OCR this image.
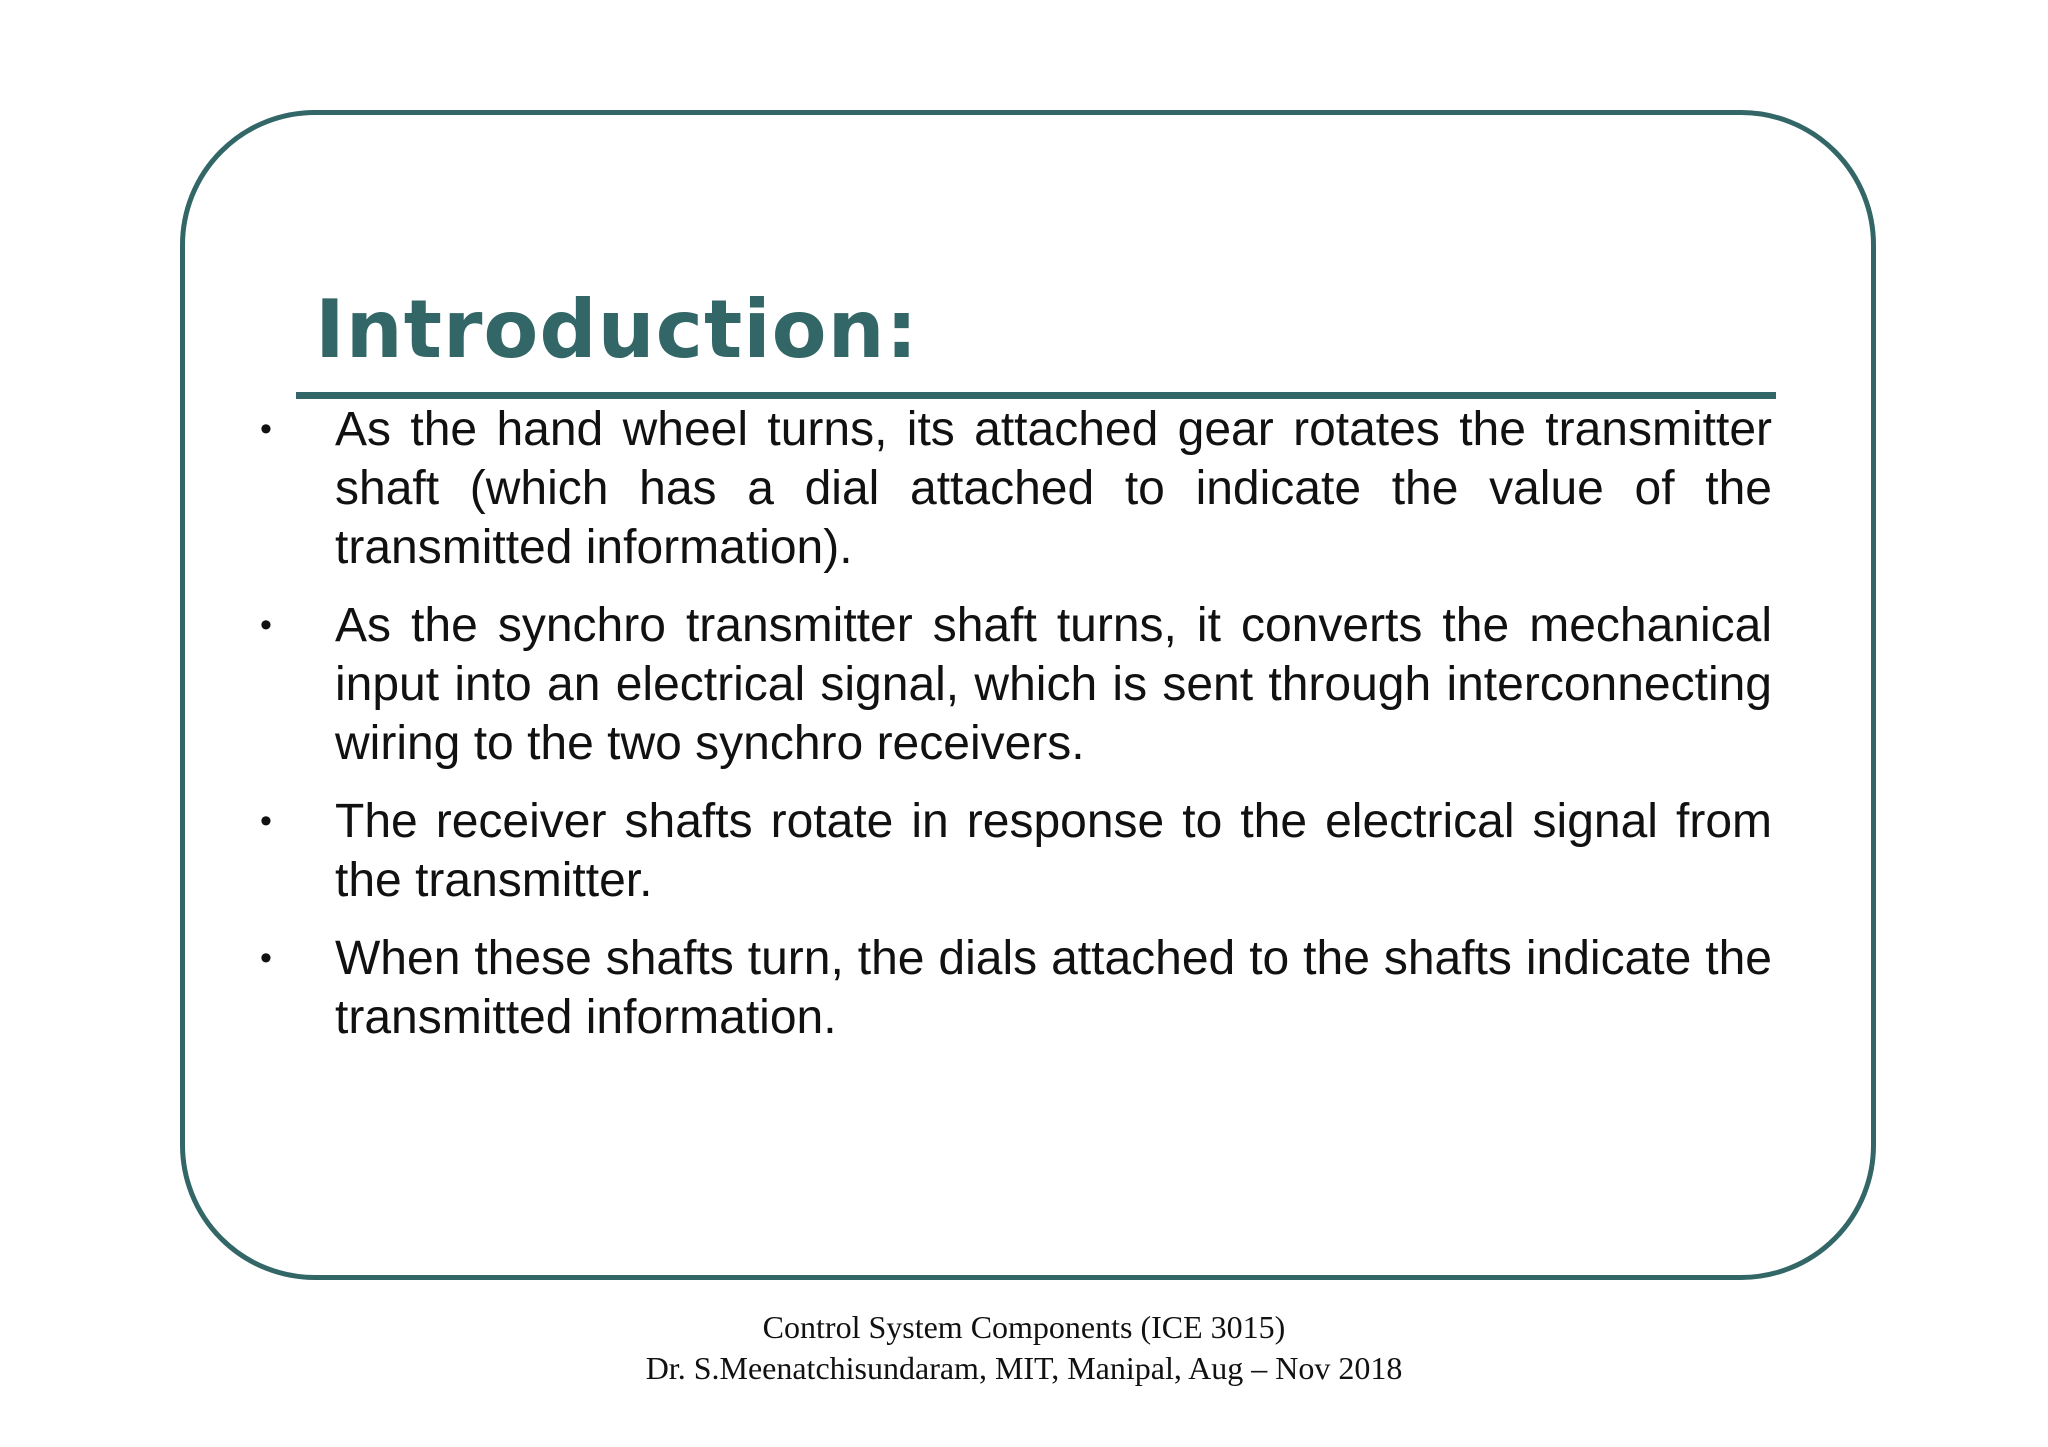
Introduction:
•	As the hand wheel turns, its attached gear rotates the transmitter shaft (which has a dial attached to indicate the value of the transmitted information).
•	As the synchro transmitter shaft turns, it converts the mechanical input into an electrical signal, which is sent through interconnecting wiring to the two synchro receivers.
•	The receiver shafts rotate in response to the electrical signal from the transmitter.
•	When these shafts turn, the dials attached to the shafts indicate the transmitted information.
Control System Components (ICE 3015)
Dr. S.Meenatchisundaram, MIT, Manipal, Aug – Nov 2018
